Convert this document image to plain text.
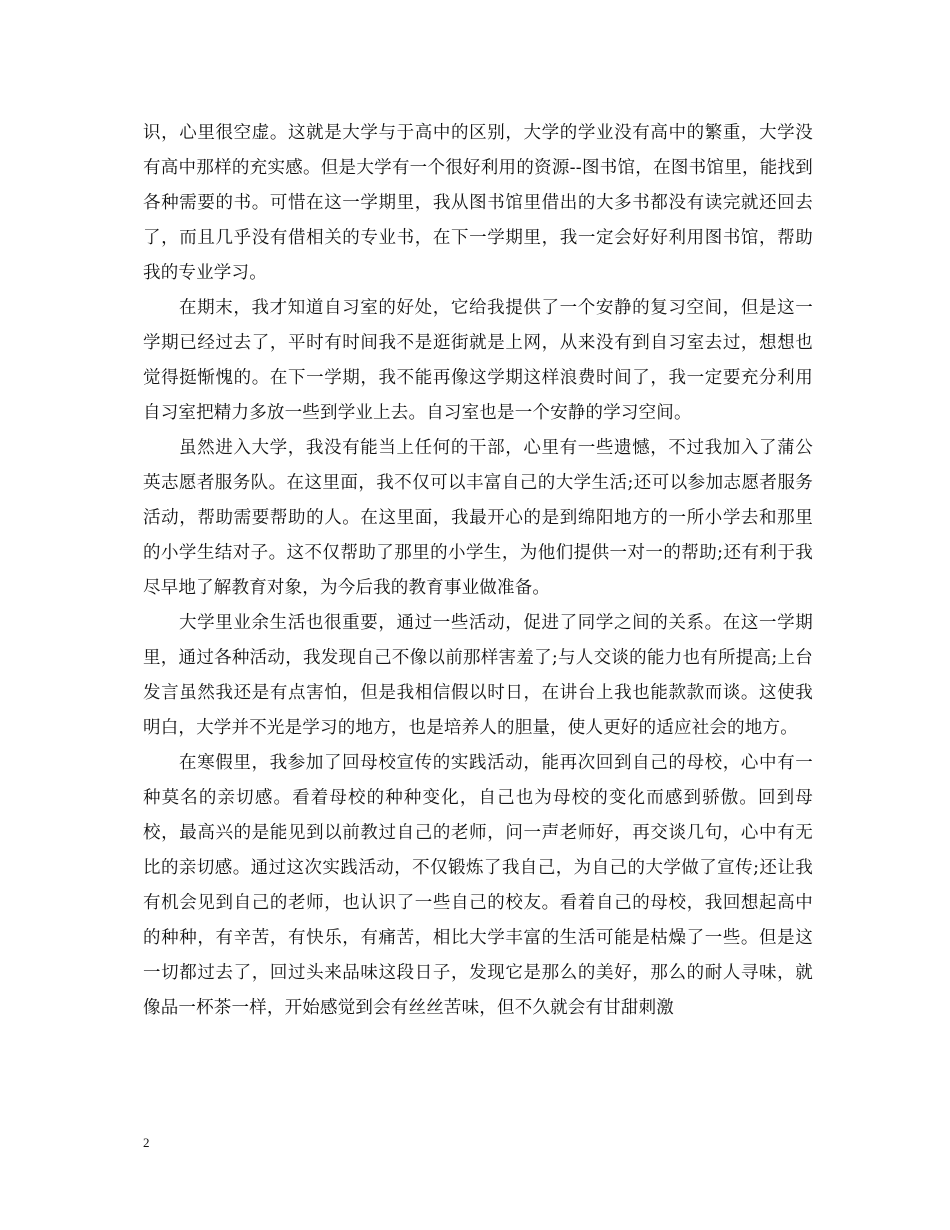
识，心里很空虚。这就是大学与于高中的区别，大学的学业没有高中的繁重，大学没有高中那样的充实感。但是大学有一个很好利用的资源--图书馆，在图书馆里，能找到各种需要的书。可惜在这一学期里，我从图书馆里借出的大多书都没有读完就还回去了，而且几乎没有借相关的专业书，在下一学期里，我一定会好好利用图书馆，帮助我的专业学习。

在期末，我才知道自习室的好处，它给我提供了一个安静的复习空间，但是这一学期已经过去了，平时有时间我不是逛街就是上网，从来没有到自习室去过，想想也觉得挺惭愧的。在下一学期，我不能再像这学期这样浪费时间了，我一定要充分利用自习室把精力多放一些到学业上去。自习室也是一个安静的学习空间。

虽然进入大学，我没有能当上任何的干部，心里有一些遗憾，不过我加入了蒲公英志愿者服务队。在这里面，我不仅可以丰富自己的大学生活;还可以参加志愿者服务活动，帮助需要帮助的人。在这里面，我最开心的是到绵阳地方的一所小学去和那里的小学生结对子。这不仅帮助了那里的小学生，为他们提供一对一的帮助;还有利于我尽早地了解教育对象，为今后我的教育事业做准备。

大学里业余生活也很重要，通过一些活动，促进了同学之间的关系。在这一学期里，通过各种活动，我发现自己不像以前那样害羞了;与人交谈的能力也有所提高;上台发言虽然我还是有点害怕，但是我相信假以时日，在讲台上我也能款款而谈。这使我明白，大学并不光是学习的地方，也是培养人的胆量，使人更好的适应社会的地方。

在寒假里，我参加了回母校宣传的实践活动，能再次回到自己的母校，心中有一种莫名的亲切感。看着母校的种种变化，自己也为母校的变化而感到骄傲。回到母校，最高兴的是能见到以前教过自己的老师，问一声老师好，再交谈几句，心中有无比的亲切感。通过这次实践活动，不仅锻炼了我自己，为自己的大学做了宣传;还让我有机会见到自己的老师，也认识了一些自己的校友。看着自己的母校，我回想起高中的种种，有辛苦，有快乐，有痛苦，相比大学丰富的生活可能是枯燥了一些。但是这一切都过去了，回过头来品味这段日子，发现它是那么的美好，那么的耐人寻味，就像品一杯茶一样，开始感觉到会有丝丝苦味，但不久就会有甘甜刺激

2
